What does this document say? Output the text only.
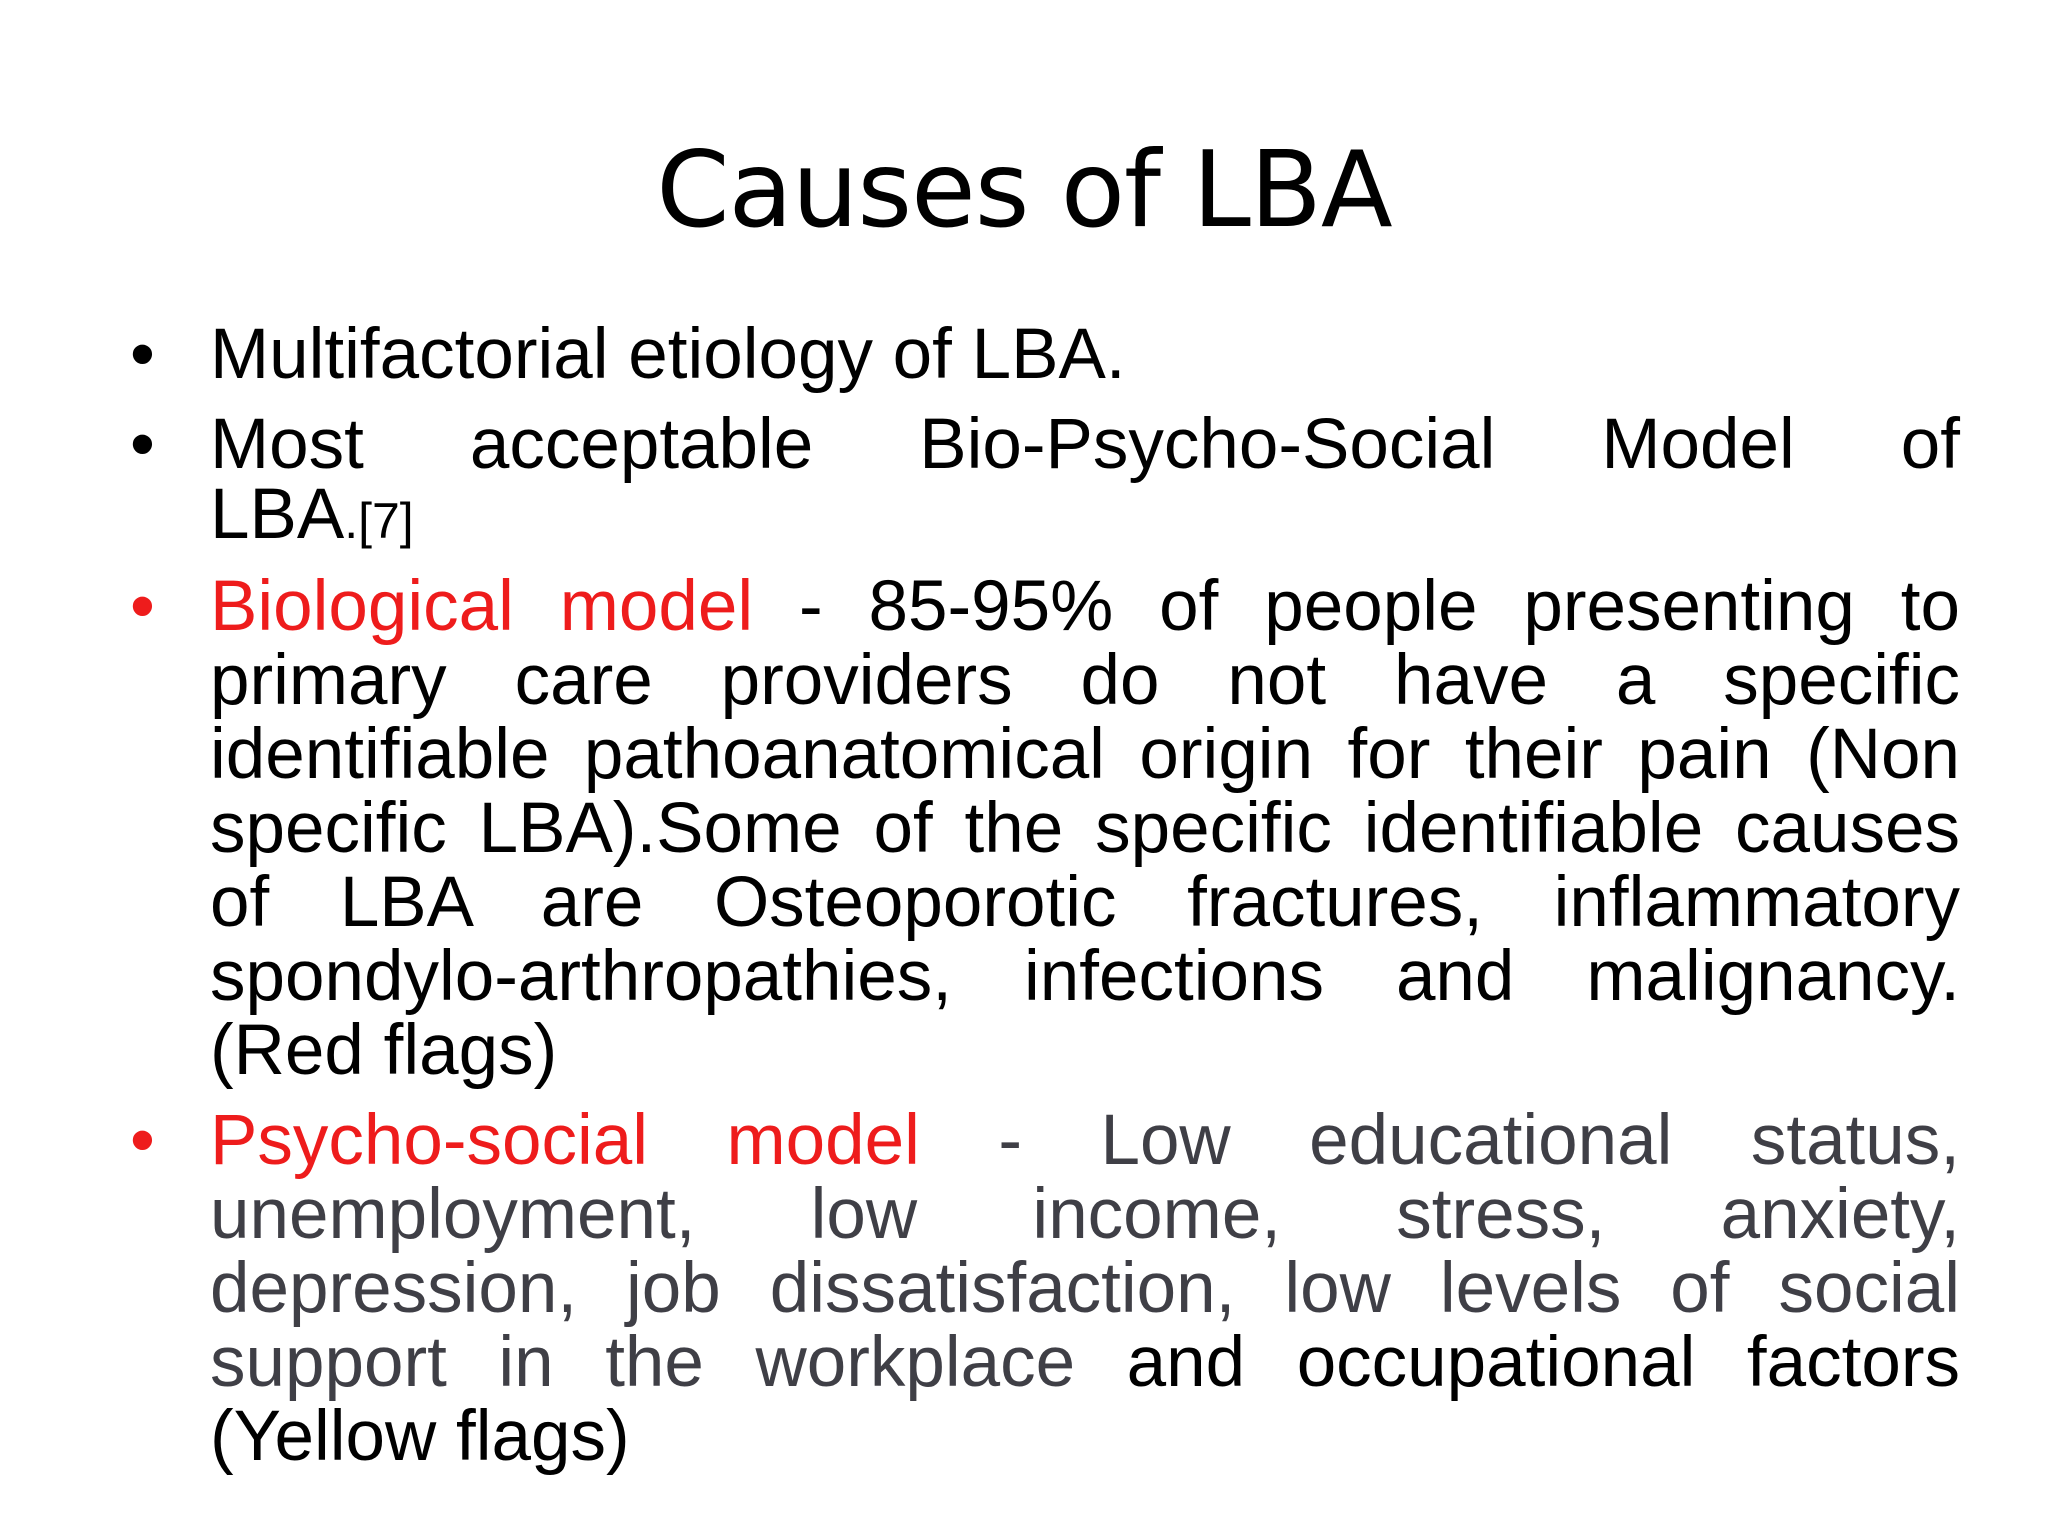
Causes of LBA
• Multifactorial etiology of LBA.
• Most acceptable Bio-Psycho-Social Model of
LBA.[7]
• Biological model - 85-95% of people presenting to primary care providers do not have a specific identifiable pathoanatomical origin for their pain (Non specific LBA).Some of the specific identifiable causes of LBA are Osteoporotic fractures, inflammatory spondylo-arthropathies, infections and malignancy. (Red flags)
• Psycho-social model - Low educational status, unemployment, low income, stress, anxiety, depression, job dissatisfaction, low levels of social support in the workplace and occupational factors (Yellow flags)
